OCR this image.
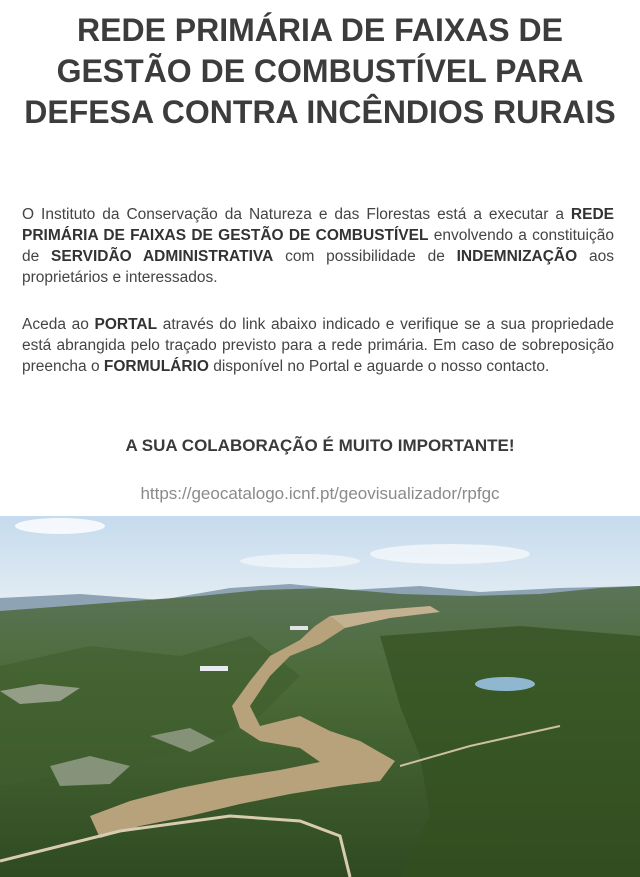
REDE PRIMÁRIA DE FAIXAS DE
GESTÃO DE COMBUSTÍVEL PARA
DEFESA CONTRA INCÊNDIOS RURAIS
O Instituto da Conservação da Natureza e das Florestas está a executar a REDE PRIMÁRIA DE FAIXAS DE GESTÃO DE COMBUSTÍVEL envolvendo a constituição de SERVIDÃO ADMINISTRATIVA com possibilidade de INDEMNIZAÇÃO aos proprietários e interessados.
Aceda ao PORTAL através do link abaixo indicado e verifique se a sua propriedade está abrangida pelo traçado previsto para a rede primária. Em caso de sobreposição preencha o FORMULÁRIO disponível no Portal e aguarde o nosso contacto.
A SUA COLABORAÇÃO É MUITO IMPORTANTE!
https://geocatalogo.icnf.pt/geovisualizador/rpfgc
